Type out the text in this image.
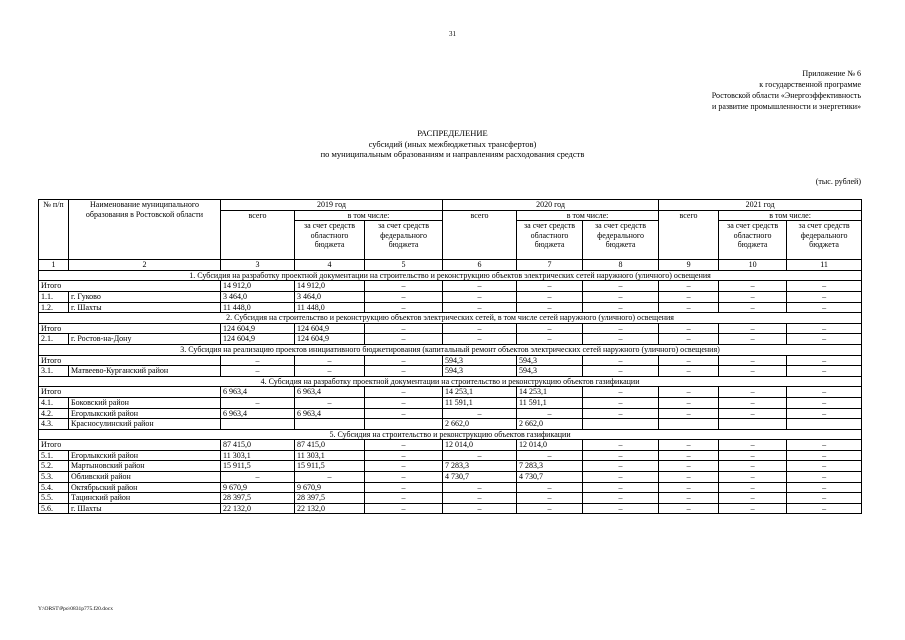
31
Приложение № 6
к государственной программе
Ростовской области «Энергоэффективность
и развитие промышленности и энергетики»
РАСПРЕДЕЛЕНИЕ
субсидий (иных межбюджетных трансфертов)
по муниципальным образованиям и направлениям расходования средств
(тыс. рублей)
№ п/п	Наименование муниципального образования в Ростовской области	2019 год			2020 год			2021 год		
		всего	в том числе:		всего	в том числе:		всего	в том числе:	
			за счет средств областного бюджета	за счет средств федерального бюджета		за счет средств областного бюджета	за счет средств федерального бюджета		за счет средств областного бюджета	за счет средств федерального бюджета

1	2	3	4	5	6	7	8	9	10	11
1. Субсидия на разработку проектной документации на строительство и реконструкцию объектов электрических сетей наружного (уличного) освещения										
Итого		14 912,0	14 912,0	–	–	–	–	–	–	–
1.1.	г. Гуково	3 464,0	3 464,0	–	–	–	–	–	–	–
1.2.	г. Шахты	11 448,0	11 448,0	–	–	–	–	–	–	–
2. Субсидия на строительство и реконструкцию объектов электрических сетей, в том числе сетей наружного (уличного) освещения										
Итого		124 604,9	124 604,9	–	–	–	–	–	–	–
2.1.	г. Ростов-на-Дону	124 604,9	124 604,9	–	–	–	–	–	–	–
3. Субсидия на реализацию проектов инициативного бюджетирования (капитальный ремонт объектов электрических сетей наружного (уличного) освещения)										
Итого		–	–	–	594,3	594,3	–	–	–	–
3.1.	Матвеево-Курганский район	–	–	–	594,3	594,3	–	–	–	–
4. Субсидия на разработку проектной документации на строительство и реконструкцию объектов газификации										
Итого		6 963,4	6 963,4	–	14 253,1	14 253,1	–	–	–	–
4.1.	Боковский район	–	–	–	11 591,1	11 591,1	–	–	–	–
4.2.	Егорлыкский район	6 963,4	6 963,4	–	–	–	–	–	–	–
4.3.	Красносулинский район				2 662,0	2 662,0				
5. Субсидия на строительство и реконструкцию объектов газификации										
Итого		87 415,0	87 415,0	–	12 014,0	12 014,0	–	–	–	–
5.1.	Егорлыкский район	11 303,1	11 303,1	–	–	–	–	–	–	–
5.2.	Мартыновский район	15 911,5	15 911,5	–	7 283,3	7 283,3	–	–	–	–
5.3.	Обливский район	–	–	–	4 730,7	4 730,7	–	–	–	–
5.4.	Октябрьский район	9 670,9	9 670,9	–	–	–	–	–	–	–
5.5.	Тацинский район	28 397,5	28 397,5	–	–	–	–	–	–	–
5.6.	г. Шахты	22 132,0	22 132,0	–	–	–	–	–	–	–
Y:\ORST\Ppo\0831p775.f20.docx
